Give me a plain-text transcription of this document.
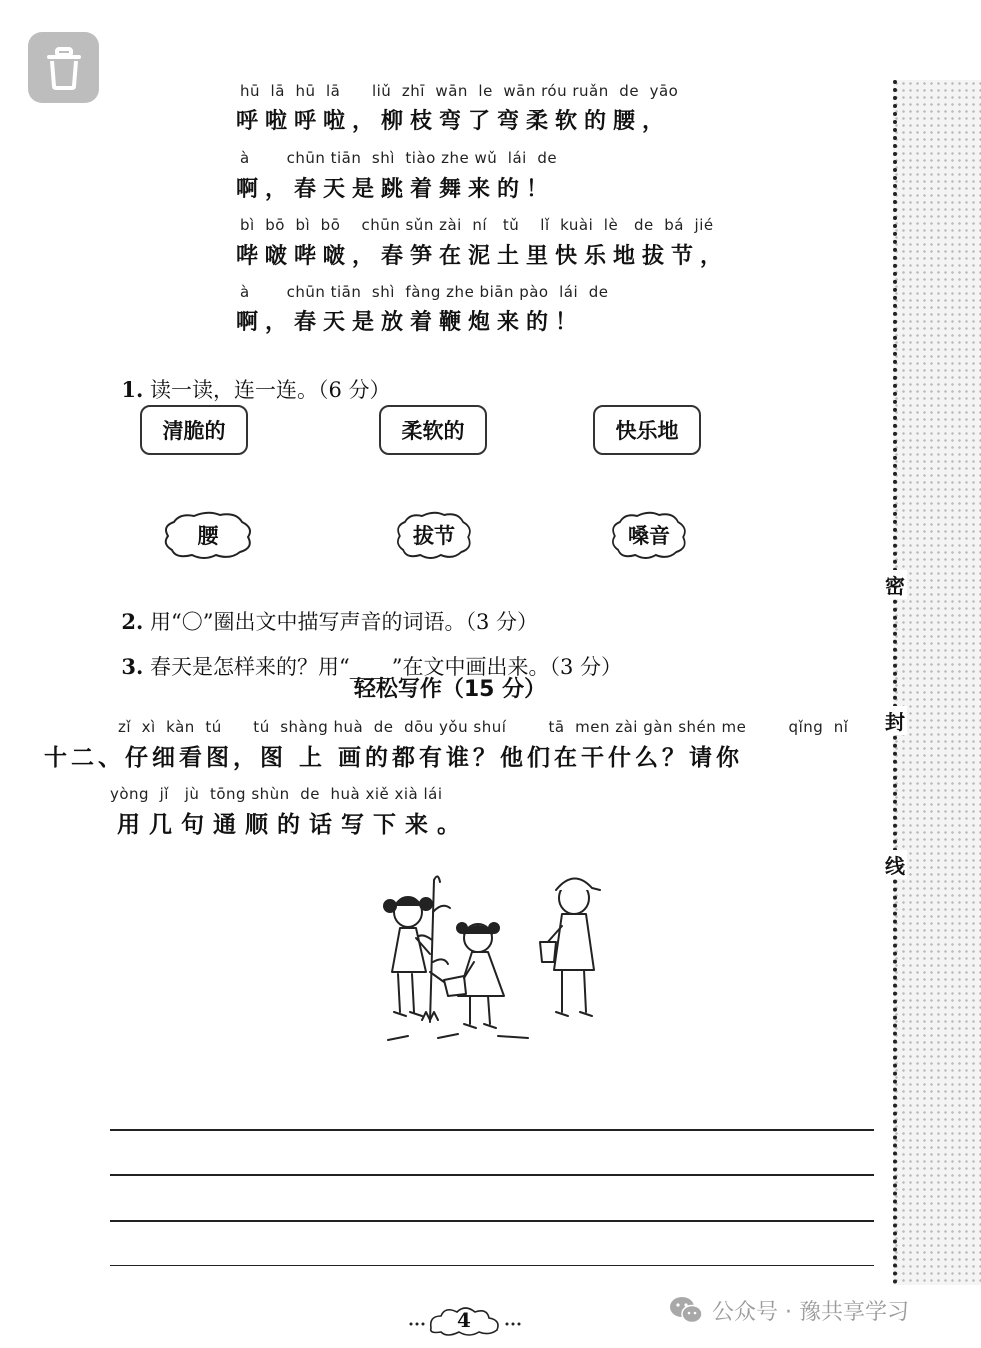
hū  lā  hū  lā      liǔ  zhī  wān  le  wān róu ruǎn  de  yāo
呼啦呼啦，柳枝弯了弯柔软的腰，
à       chūn tiān  shì  tiào zhe wǔ  lái  de
啊，春天是跳着舞来的！
bì  bō  bì  bō    chūn sǔn zài  ní   tǔ    lǐ  kuài  lè   de  bá  jié
哔啵哔啵，春笋在泥土里快乐地拔节，
à       chūn tiān  shì  fàng zhe biān pào  lái  de
啊，春天是放着鞭炮来的！

1. 读一读，连一连。（6 分）

清脆的	柔软的	快乐地
腰	拔节	嗓音

2. 用“〇”圈出文中描写声音的词语。（3 分）

3. 春天是怎样来的？用“____”在文中画出来。（3 分）

轻松写作（15 分）
zǐ  xì  kàn  tú      tú  shàng huà  de  dōu yǒu shuí        tā  men zài gàn shén me        qǐng  nǐ
十二、仔细看图，图 上 画的都有谁？他们在干什么？请你
yòng  jǐ   jù  tōng shùn  de  huà xiě xià lái
用几句通顺的话写下来。
密
封
线
4	公众号 · 豫共享学习
